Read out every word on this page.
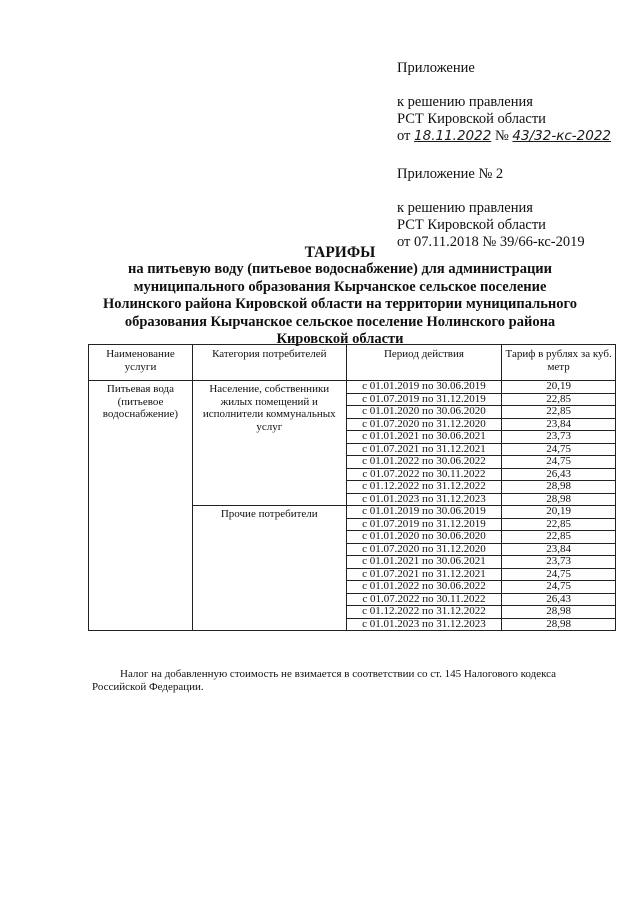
Приложение
к решению правления
РСТ Кировской области
от 18.11.2022 № 43/32-кс-2022
Приложение № 2
к решению правления
РСТ Кировской области
от 07.11.2018 № 39/66-кс-2019
ТАРИФЫ
на питьевую воду (питьевое водоснабжение) для администрации
муниципального образования Кырчанское сельское поселение
Нолинского района Кировской области на территории муниципального
образования Кырчанское сельское поселение Нолинского района
Кировской области
Наименование услуги	Категория потребителей	Период действия	Тариф в рублях за куб. метр
Питьевая вода (питьевое водоснабжение)	Население, собственники жилых помещений и исполнители коммунальных услуг	с 01.01.2019 по 30.06.2019	20,19
		с 01.07.2019 по 31.12.2019	22,85
		с 01.01.2020 по 30.06.2020	22,85
		с 01.07.2020 по 31.12.2020	23,84
		с 01.01.2021 по 30.06.2021	23,73
		с 01.07.2021 по 31.12.2021	24,75
		с 01.01.2022 по 30.06.2022	24,75
		с 01.07.2022 по 30.11.2022	26,43
		с 01.12.2022 по 31.12.2022	28,98
		с 01.01.2023 по 31.12.2023	28,98
	Прочие потребители	с 01.01.2019 по 30.06.2019	20,19
		с 01.07.2019 по 31.12.2019	22,85
		с 01.01.2020 по 30.06.2020	22,85
		с 01.07.2020 по 31.12.2020	23,84
		с 01.01.2021 по 30.06.2021	23,73
		с 01.07.2021 по 31.12.2021	24,75
		с 01.01.2022 по 30.06.2022	24,75
		с 01.07.2022 по 30.11.2022	26,43
		с 01.12.2022 по 31.12.2022	28,98
		с 01.01.2023 по 31.12.2023	28,98
Налог на добавленную стоимость не взимается в соответствии со ст. 145 Налогового кодекса
Российской Федерации.
